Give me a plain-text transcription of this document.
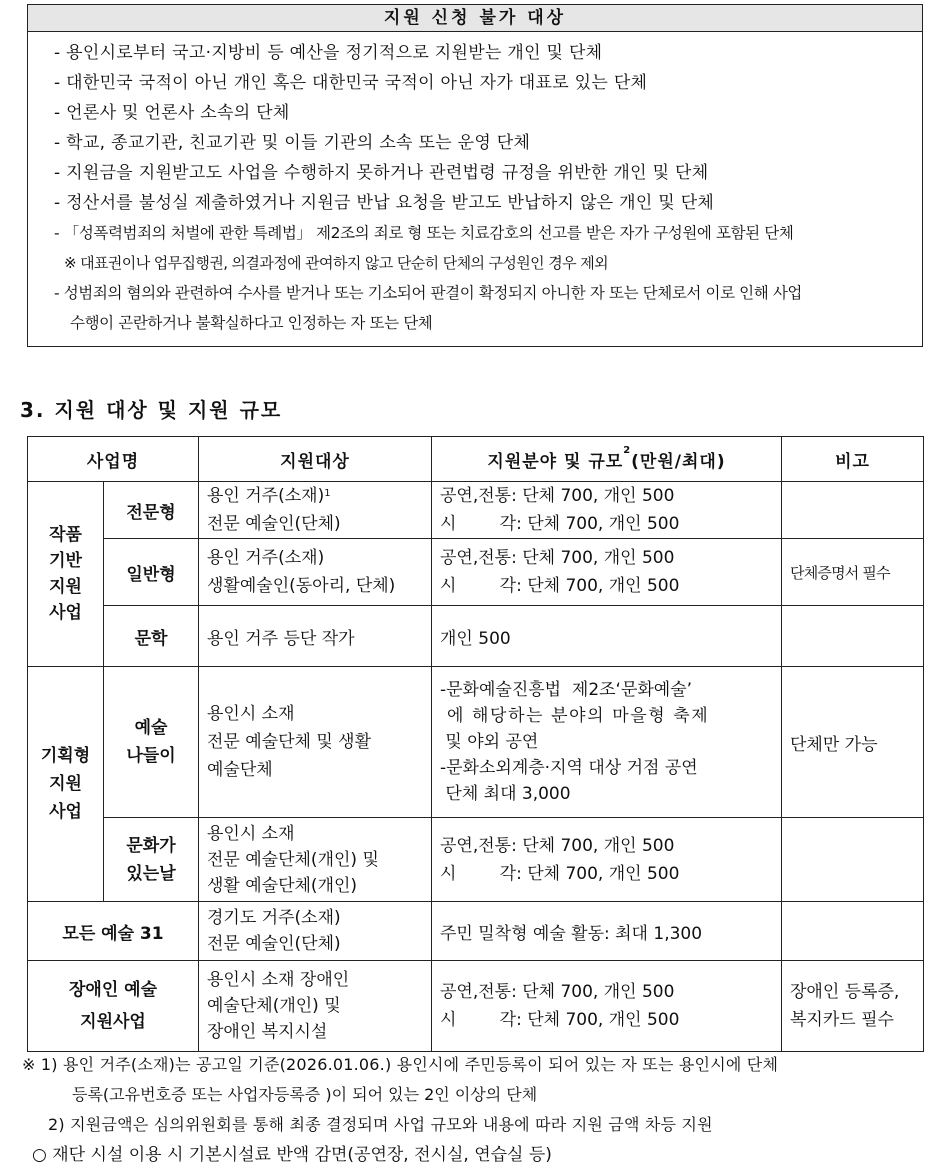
지원 신청 불가 대상
- 용인시로부터 국고·지방비 등 예산을 정기적으로 지원받는 개인 및 단체
- 대한민국 국적이 아닌 개인 혹은 대한민국 국적이 아닌 자가 대표로 있는 단체
- 언론사 및 언론사 소속의 단체
- 학교, 종교기관, 친교기관 및 이들 기관의 소속 또는 운영 단체
- 지원금을 지원받고도 사업을 수행하지 못하거나 관련법령 규정을 위반한 개인 및 단체
- 정산서를 불성실 제출하였거나 지원금 반납 요청을 받고도 반납하지 않은 개인 및 단체
- 「성폭력범죄의 처벌에 관한 특례법」 제2조의 죄로 형 또는 치료감호의 선고를 받은 자가 구성원에 포함된 단체
※ 대표권이나 업무집행권, 의결과정에 관여하지 않고 단순히 단체의 구성원인 경우 제외
- 성범죄의 혐의와 관련하여 수사를 받거나 또는 기소되어 판결이 확정되지 아니한 자 또는 단체로서 이로 인해 사업
수행이 곤란하거나 불확실하다고 인정하는 자 또는 단체
3. 지원 대상 및 지원 규모
사업명		지원대상	지원분야 및 규모$^2$(만원/최대)	비고

작품
기반
지원
사업	전문형	용인 거주(소재)$^1$
전문 예술인(단체)	공연,전통: 단체 700, 개인 500
시        각: 단체 700, 개인 500	

	일반형	용인 거주(소재)
생활예술인(동아리, 단체)	공연,전통: 단체 700, 개인 500
시        각: 단체 700, 개인 500	단체증명서 필수
	문학	용인 거주 등단 작가	개인 500	

기획형
지원
사업	예술
나들이	용인시 소재
전문 예술단체 및 생활
예술단체	-문화예술진흥법  제2조‘문화예술’
에 해당하는 분야의 마을형 축제
및 야외 공연
-문화소외계층·지역 대상 거점 공연
단체 최대 3,000	단체만 가능

	문화가
있는날	용인시 소재
전문 예술단체(개인) 및
생활 예술단체(개인)	공연,전통: 단체 700, 개인 500
시        각: 단체 700, 개인 500	

모든 예술 31		경기도 거주(소재)
전문 예술인(단체)	주민 밀착형 예술 활동: 최대 1,300	

장애인 예술
지원사업		용인시 소재 장애인
예술단체(개인) 및
장애인 복지시설	공연,전통: 단체 700, 개인 500
시        각: 단체 700, 개인 500	장애인 등록증,
복지카드 필수
※ 1) 용인 거주(소재)는 공고일 기준(2026.01.06.) 용인시에 주민등록이 되어 있는 자 또는 용인시에 단체
등록(고유번호증 또는 사업자등록증 )이 되어 있는 2인 이상의 단체
2) 지원금액은 심의위원회를 통해 최종 결정되며 사업 규모와 내용에 따라 지원 금액 차등 지원
○ 재단 시설 이용 시 기본시설료 반액 감면(공연장, 전시실, 연습실 등)
